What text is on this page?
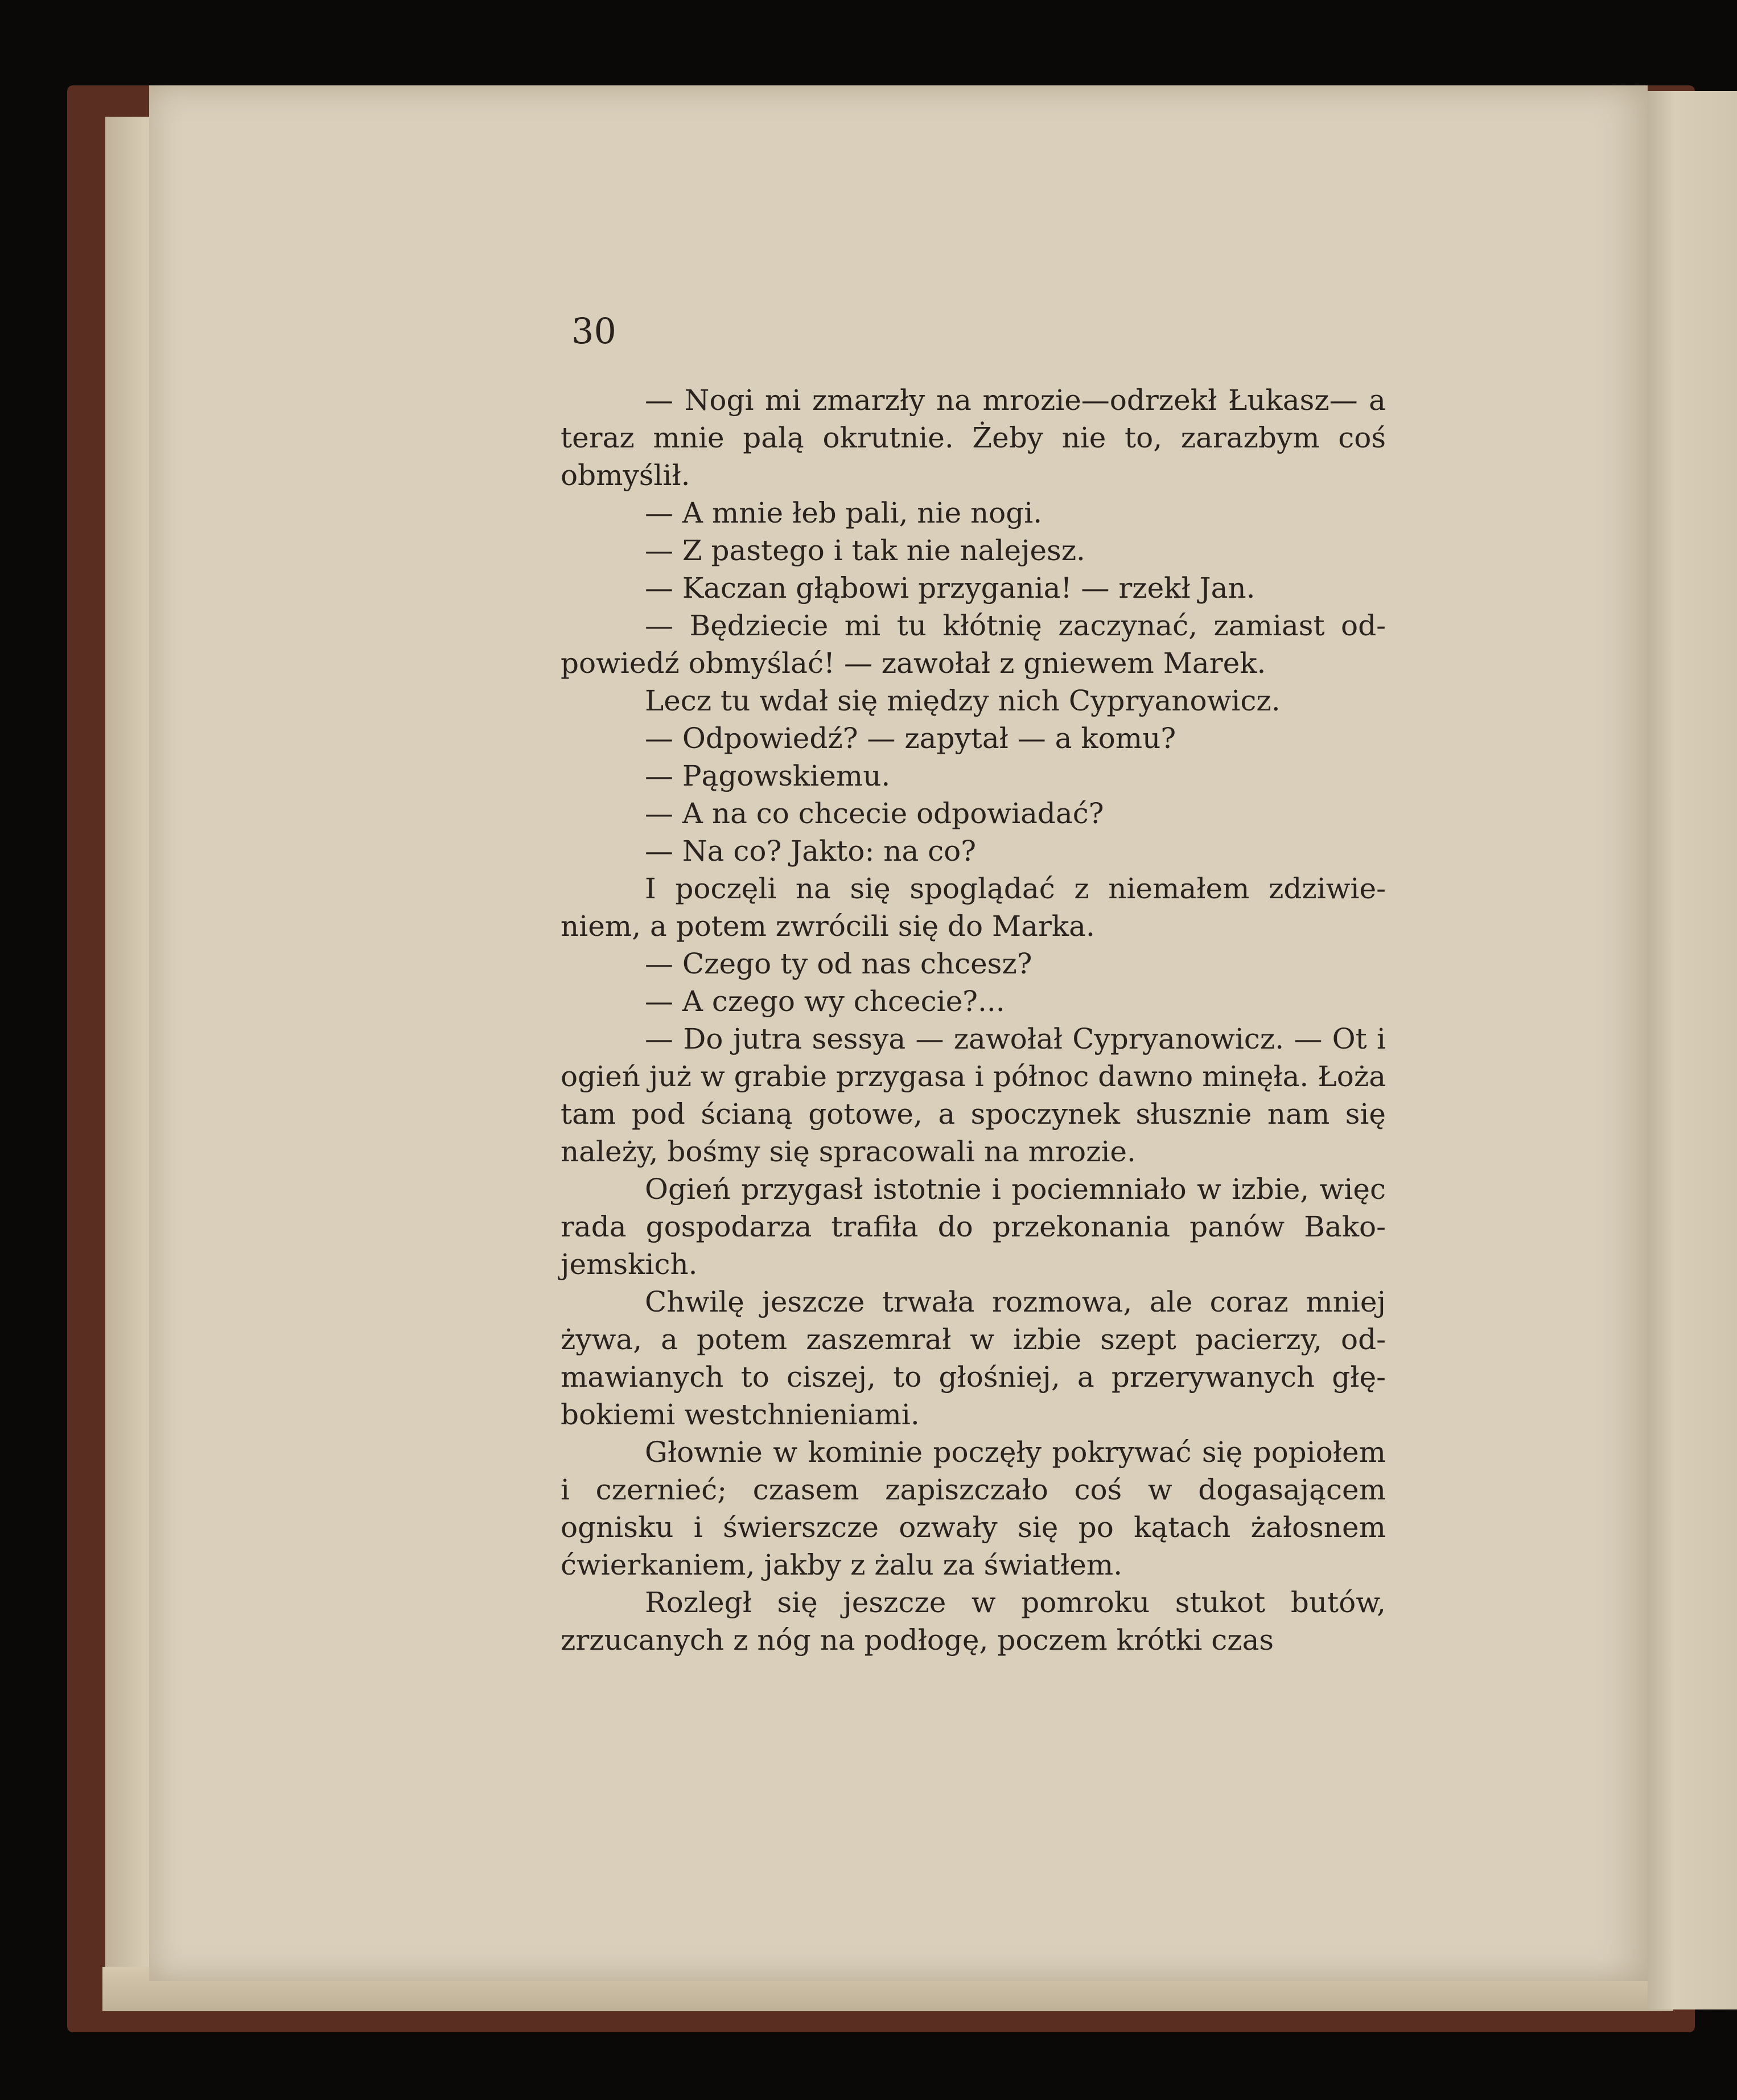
30

— Nogi mi zmarzły na mrozie—odrzekł Łukasz— a teraz mnie palą okrutnie. Żeby nie to, zarazbym coś obmyślił.

— A mnie łeb pali, nie nogi.

— Z pastego i tak nie nalejesz.

— Kaczan głąbowi przygania! — rzekł Jan.

— Będziecie mi tu kłótnię zaczynać, zamiast od- powiedź obmyślać! — zawołał z gniewem Marek.

Lecz tu wdał się między nich Cypryanowicz.

— Odpowiedź? — zapytał — a komu?

— Pągowskiemu.

— A na co chcecie odpowiadać?

— Na co? Jakto: na co?

I poczęli na się spoglądać z niemałem zdziwie- niem, a potem zwrócili się do Marka.

— Czego ty od nas chcesz?

— A czego wy chcecie?...

— Do jutra sessya — zawołał Cypryanowicz. — Ot i ogień już w grabie przygasa i północ dawno minęła. Łoża tam pod ścianą gotowe, a spoczynek słusznie nam się należy, bośmy się spracowali na mrozie.

Ogień przygasł istotnie i pociemniało w izbie, więc rada gospodarza trafiła do przekonania panów Bako- jemskich.

Chwilę jeszcze trwała rozmowa, ale coraz mniej żywa, a potem zaszemrał w izbie szept pacierzy, od- mawianych to ciszej, to głośniej, a przerywanych głę- bokiemi westchnieniami.

Głownie w kominie poczęły pokrywać się popiołem i czernieć; czasem zapiszczało coś w dogasającem ognisku i świerszcze ozwały się po kątach żałosnem ćwierkaniem, jakby z żalu za światłem.

Rozległ się jeszcze w pomroku stukot butów, zrzucanych z nóg na podłogę, poczem krótki czas
